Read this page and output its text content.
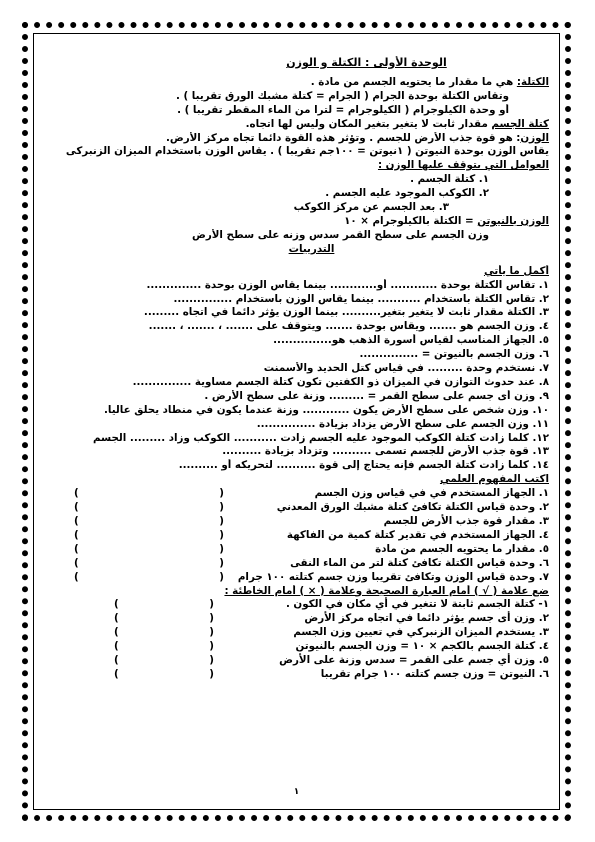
الوحدة الأولى : الكتلة و الوزن
الكتلة: هي ما مقدار ما يحتويه الجسم من مادة .
وتقاس الكتلة بوحدة الجرام ( الجرام = كتلة مشبك الورق تقريبا ) .
أو وحدة الكيلوجرام ( الكيلوجرام = لترا من الماء المقطر تقريبا ) .
كتلة الجسم مقدار ثابت لا يتغير بتغير المكان وليس لها اتجاه.
الوزن: هو قوة جذب الأرض للجسم . وتؤثر هذه القوة دائما تجاه مركز الأرض.
يقاس الوزن بوحدة النيوتن ( ١نيوتن = ١٠٠جم تقريبا ) . يقاس الوزن باستخدام الميزان الزنبركى
العوامل التي يتوقف عليها الوزن :
١. كتلة الجسم .
٢. الكوكب الموجود عليه الجسم .
٣. بعد الجسم عن مركز الكوكب
الوزن بالنيوتن = الكتلة بالكيلوجرام × ١٠
وزن الجسم على سطح القمر سدس وزنه على سطح الأرض
التدريبات
أكمل ما يأتي
١. تقاس الكتلة بوحدة ............ أو............ بينما يقاس الوزن بوحدة ..............
٢. تقاس الكتلة باستخدام ........... بينما يقاس الوزن باستخدام ...............
٣. الكتلة مقدار ثابت لا يتغير بتغير.......... بينما الوزن يؤثر دائما في اتجاه .........
٤. وزن الجسم هو ....... ويقاس بوحدة ....... ويتوقف على ....... ، ....... ، .......
٥. الجهاز المناسب لقياس أسورة الذهب هو...............
٦. وزن الجسم بالنيوتن = ...............
٧. نستخدم وحدة ......... في قياس كتل الحديد والأسمنت
٨. عند حدوث التوازن في الميزان ذو الكفتين تكون كتلة الجسم مساوية ...............
٩. وزن أى جسم على سطح القمر = ......... وزنة على سطح الأرض .
١٠. وزن شخص على سطح الأرض يكون ............ وزنة عندما يكون في منطاد يحلق عاليا.
١١. وزن الجسم على سطح الأرض يزداد بزيادة ...............
١٢. كلما زادت كتلة الكوكب الموجود عليه الجسم زادت ........... الكوكب وزاد ......... الجسم
١٣. قوة جذب الأرض للجسم تسمى .......... وتزداد بزيادة ..........
١٤. كلما زادت كتلة الجسم فإنه يحتاج إلى قوة .......... لتحريكه أو ..........
اكتب المفهوم العلمي
١. الجهاز المستخدم في في قياس وزن الجسم
(	)
٢. وحدة قياس الكتلة تكافئ كتلة مشبك الورق المعدني
(	)
٣. مقدار قوة جذب الأرض للجسم
(	)
٤. الجهاز المستخدم في تقدير كتلة كمية من الفاكهة
(	)
٥. مقدار ما يحتويه الجسم من مادة
(	)
٦. وحدة قياس الكتلة تكافئ كتلة لتر من الماء النقى
(	)
٧. وحدة قياس الوزن وتكافئ تقريبا وزن جسم كتلته ١٠٠ جرام
(	)
ضع علامة ( √ ) أمام العبارة الصحيحة وعلامة ( × ) أمام الخاطئة :
١- كتلة الجسم ثابتة لا تتغير في أي مكان في الكون .
(	)
٢. وزن أى جسم يؤثر دائما في اتجاه مركز الأرض
(	)
٣. يستخدم الميزان الزنبركي في تعيين وزن الجسم
(	)
٤. كتلة الجسم بالكجم × ١٠ = وزن الجسم بالنيوتن
(	)
٥. وزن أي جسم على القمر = سدس وزنة على الأرض
(	)
٦. النيوتن = وزن جسم كتلته ١٠٠ جرام تقريبا
(	)
١
